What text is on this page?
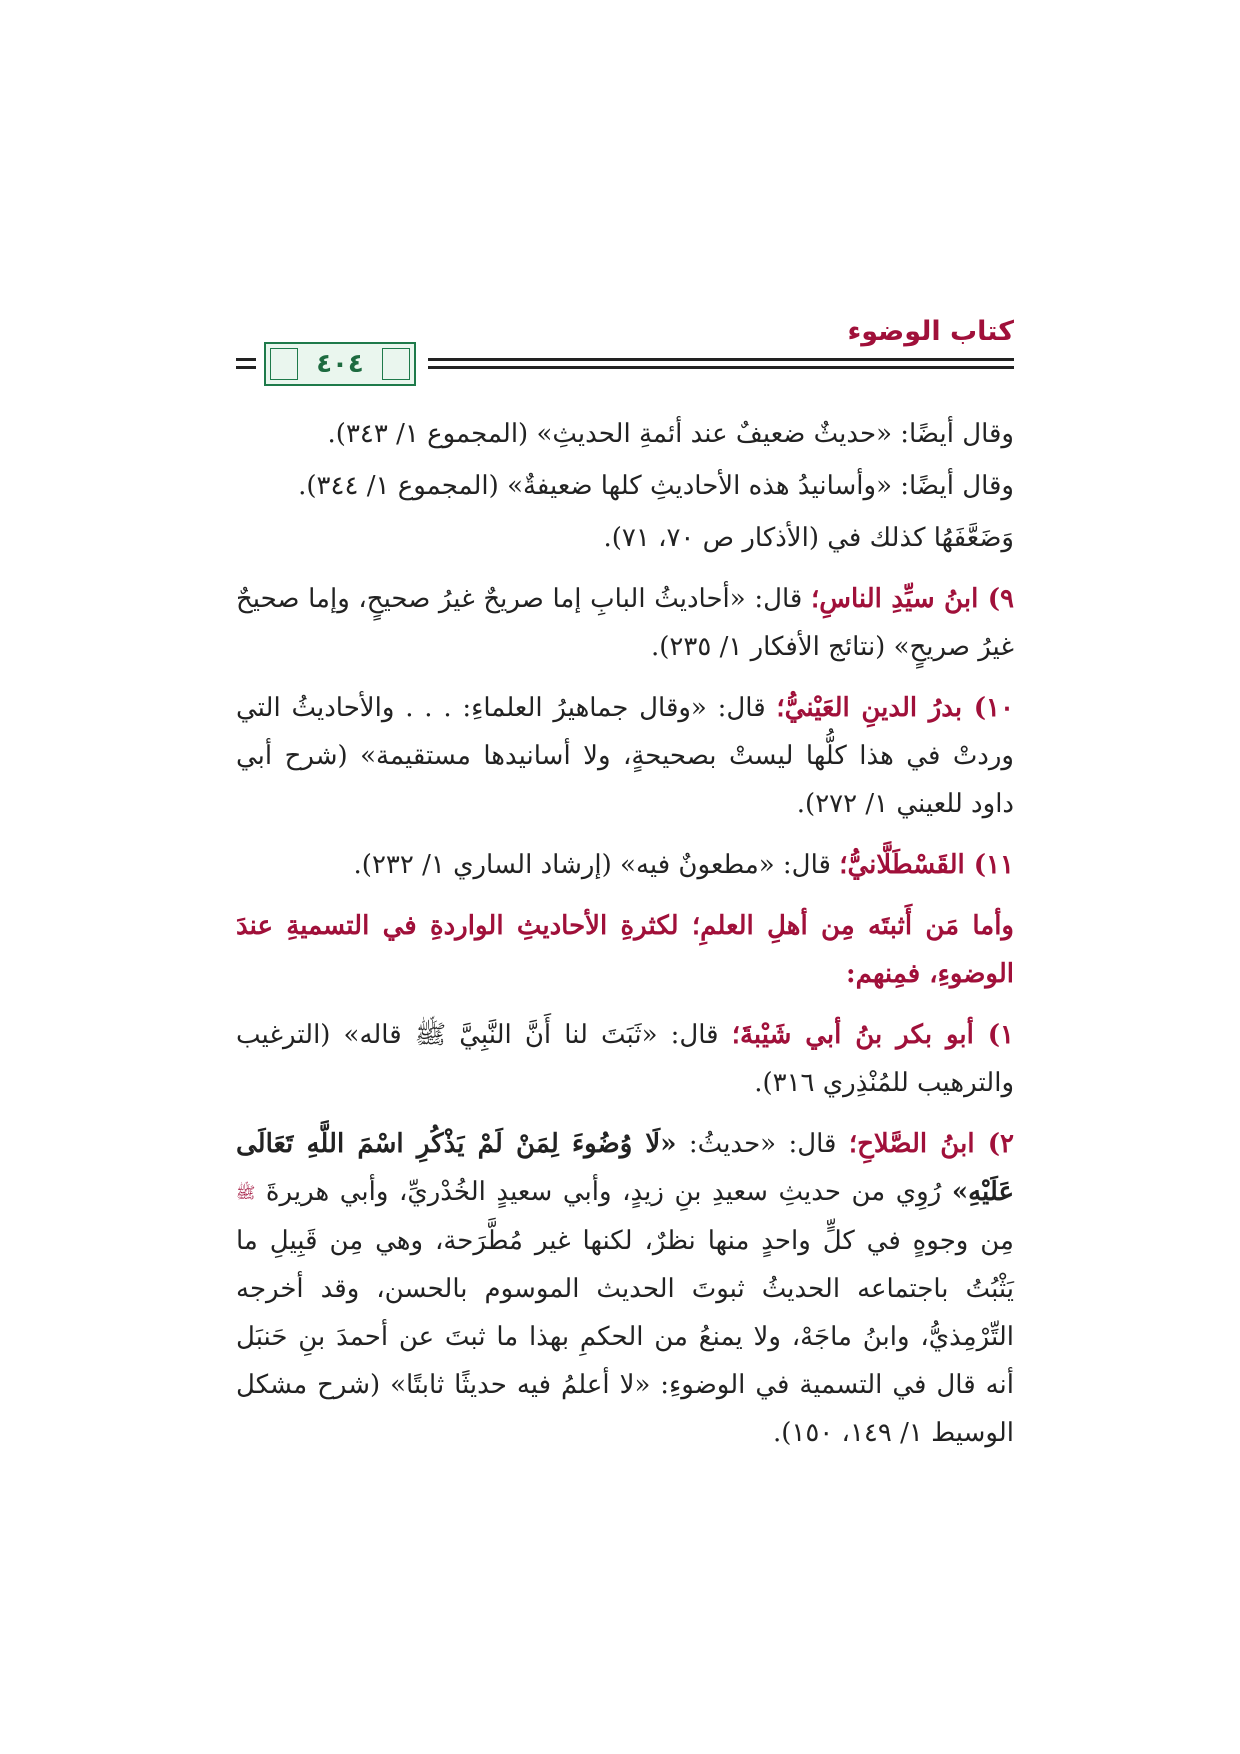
كتاب الوضوء
٤٠٤

وقال أيضًا: «حديثٌ ضعيفٌ عند أئمةِ الحديثِ» (المجموع ١/ ٣٤٣).

وقال أيضًا: «وأسانيدُ هذه الأحاديثِ كلها ضعيفةٌ» (المجموع ١/ ٣٤٤).

وَضَعَّفَهُا كذلك في (الأذكار ص ٧٠، ٧١).

٩) ابنُ سيِّدِ الناسِ؛ قال: «أحاديثُ البابِ إما صريحٌ غيرُ صحيحٍ، وإما صحيحٌ غيرُ صريحٍ» (نتائج الأفكار ١/ ٢٣٥).

١٠) بدرُ الدينِ العَيْنيُّ؛ قال: «وقال جماهيرُ العلماءِ: . . . والأحاديثُ التي وردتْ في هذا كلُّها ليستْ بصحيحةٍ، ولا أسانيدها مستقيمة» (شرح أبي داود للعيني ١/ ٢٧٢).

١١) القَسْطَلَّانيُّ؛ قال: «مطعونٌ فيه» (إرشاد الساري ١/ ٢٣٢).

وأما مَن أَثبتَه مِن أهلِ العلمِ؛ لكثرةِ الأحاديثِ الواردةِ في التسميةِ عندَ الوضوءِ، فمِنهم:

١) أبو بكر بنُ أبي شَيْبةَ؛ قال: «ثَبَتَ لنا أَنَّ النَّبِيَّ ﷺ قاله» (الترغيب والترهيب للمُنْذِري ٣١٦).

٢) ابنُ الصَّلاحِ؛ قال: «حديثُ: «لَا وُضُوءَ لِمَنْ لَمْ يَذْكُرِ اسْمَ اللَّهِ تَعَالَى عَلَيْهِ» رُوِي من حديثِ سعيدِ بنِ زيدٍ، وأبي سعيدٍ الخُدْريِّ، وأبي هريرةَ ﷺ مِن وجوهٍ في كلٍّ واحدٍ منها نظرٌ، لكنها غير مُطَّرَحة، وهي مِن قَبِيلِ ما يَثْبُتُ باجتماعه الحديثُ ثبوتَ الحديث الموسوم بالحسن، وقد أخرجه التِّرْمِذيُّ، وابنُ ماجَهْ، ولا يمنعُ من الحكمِ بهذا ما ثبتَ عن أحمدَ بنِ حَنبَل أنه قال في التسمية في الوضوءِ: «لا أعلمُ فيه حديثًا ثابتًا» (شرح مشكل الوسيط ١/ ١٤٩، ١٥٠).
